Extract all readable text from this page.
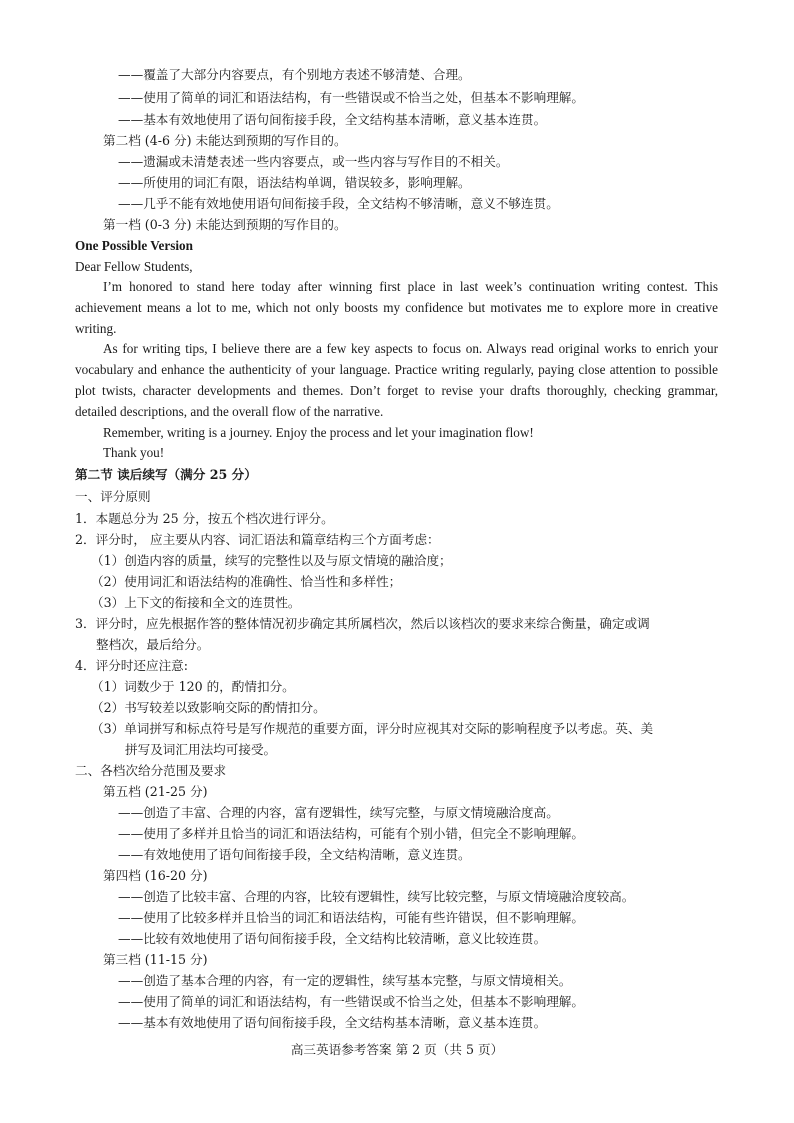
——覆盖了大部分内容要点，有个别地方表述不够清楚、合理。
——使用了简单的词汇和语法结构，有一些错误或不恰当之处，但基本不影响理解。
——基本有效地使用了语句间衔接手段，全文结构基本清晰，意义基本连贯。
第二档 (4-6 分) 未能达到预期的写作目的。
——遗漏或未清楚表述一些内容要点，或一些内容与写作目的不相关。
——所使用的词汇有限，语法结构单调，错误较多，影响理解。
——几乎不能有效地使用语句间衔接手段，全文结构不够清晰，意义不够连贯。
第一档 (0-3 分) 未能达到预期的写作目的。
One Possible Version
Dear Fellow Students,

I’m honored to stand here today after winning first place in last week’s continuation writing contest. This achievement means a lot to me, which not only boosts my confidence but motivates me to explore more in creative writing.

As for writing tips, I believe there are a few key aspects to focus on. Always read original works to enrich your vocabulary and enhance the authenticity of your language. Practice writing regularly, paying close attention to possible plot twists, character developments and themes. Don’t forget to revise your drafts thoroughly, checking grammar, detailed descriptions, and the overall flow of the narrative.

Remember, writing is a journey. Enjoy the process and let your imagination flow!

Thank you!

第二节 读后续写（满分 25 分）
一、评分原则
1．本题总分为 25 分，按五个档次进行评分。
2．评分时， 应主要从内容、词汇语法和篇章结构三个方面考虑：
（1）创造内容的质量，续写的完整性以及与原文情境的融洽度；
（2）使用词汇和语法结构的准确性、恰当性和多样性；
（3）上下文的衔接和全文的连贯性。
3．评分时，应先根据作答的整体情况初步确定其所属档次，然后以该档次的要求来综合衡量，确定或调
整档次，最后给分。
4．评分时还应注意:
（1）词数少于 120 的，酌情扣分。
（2）书写较差以致影响交际的酌情扣分。
（3）单词拼写和标点符号是写作规范的重要方面，评分时应视其对交际的影响程度予以考虑。英、美
拼写及词汇用法均可接受。
二、各档次给分范围及要求
第五档 (21-25 分)
——创造了丰富、合理的内容，富有逻辑性，续写完整，与原文情境融洽度高。
——使用了多样并且恰当的词汇和语法结构，可能有个别小错，但完全不影响理解。
——有效地使用了语句间衔接手段，全文结构清晰，意义连贯。
第四档 (16-20 分)
——创造了比较丰富、合理的内容，比较有逻辑性，续写比较完整，与原文情境融洽度较高。
——使用了比较多样并且恰当的词汇和语法结构，可能有些许错误，但不影响理解。
——比较有效地使用了语句间衔接手段，全文结构比较清晰，意义比较连贯。
第三档 (11-15 分)
——创造了基本合理的内容，有一定的逻辑性，续写基本完整，与原文情境相关。
——使用了简单的词汇和语法结构，有一些错误或不恰当之处，但基本不影响理解。
——基本有效地使用了语句间衔接手段，全文结构基本清晰，意义基本连贯。
高三英语参考答案 第 2 页（共 5 页）
